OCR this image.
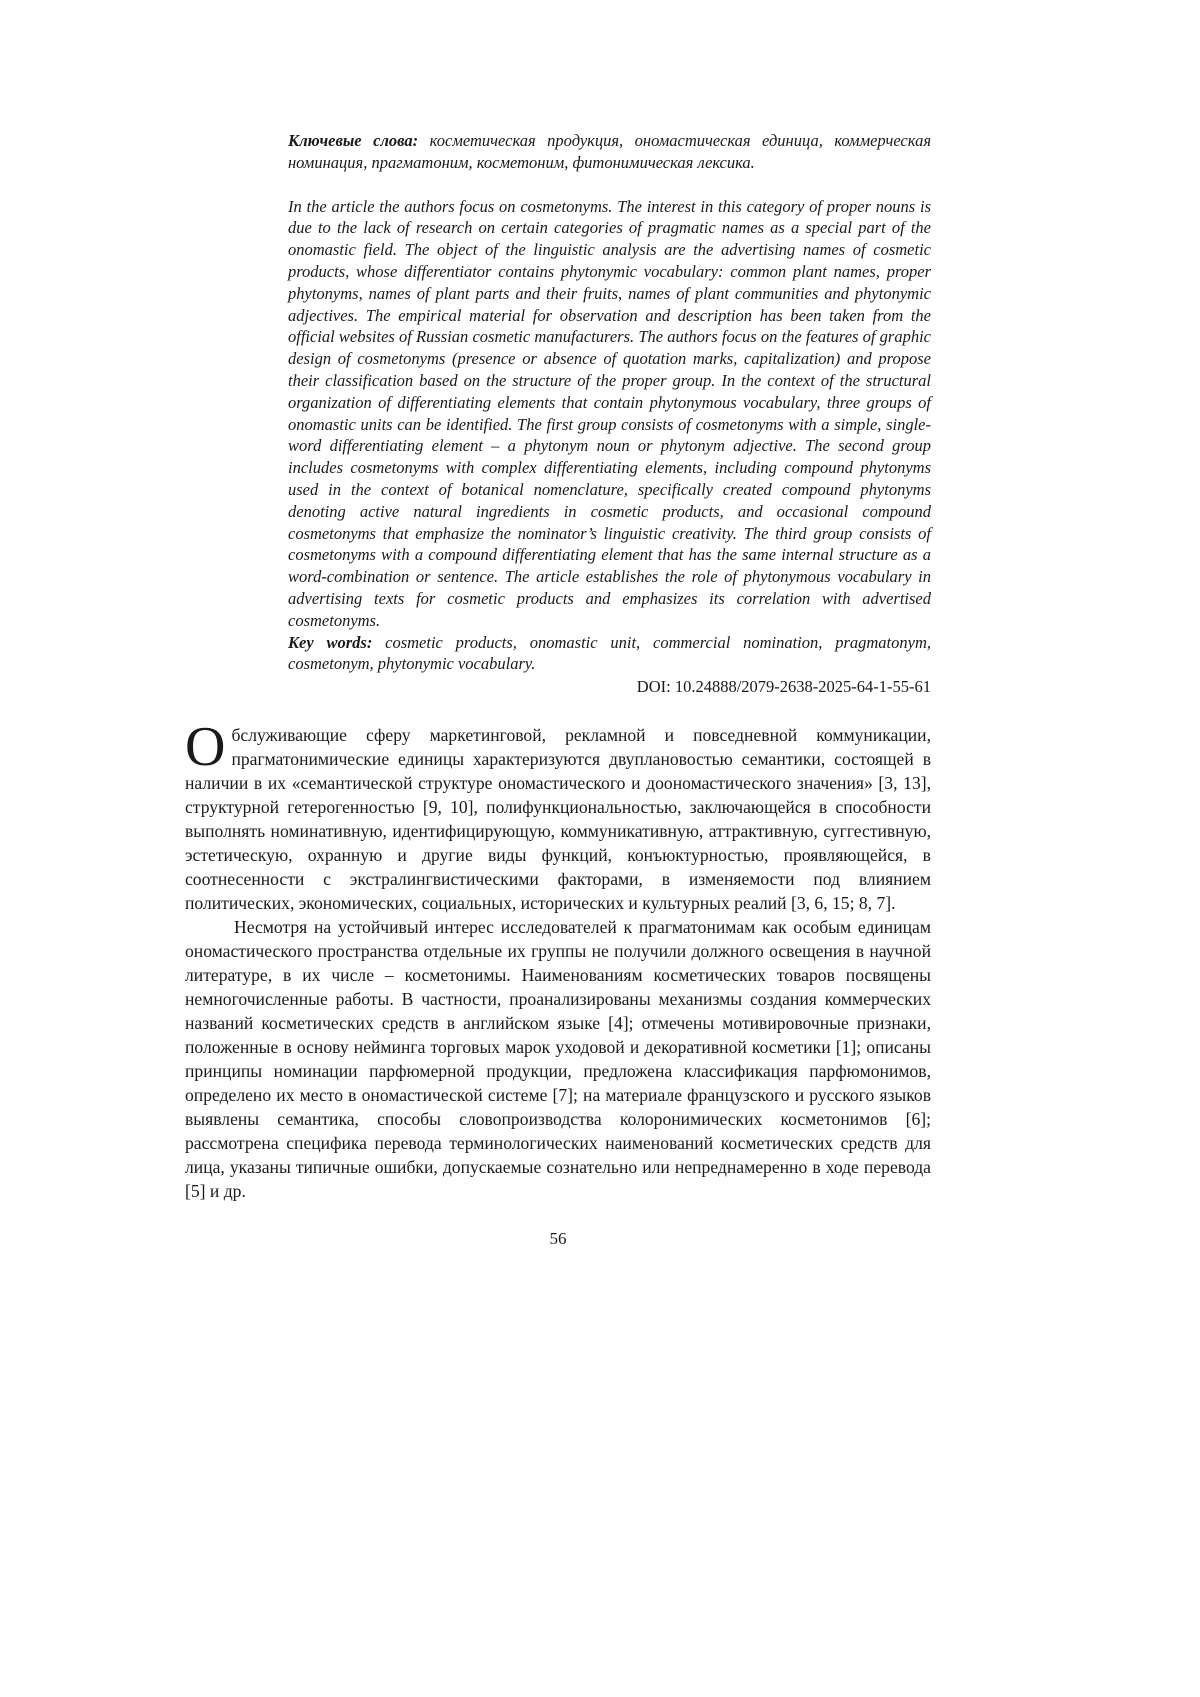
Ключевые слова: косметическая продукция, ономастическая единица, коммерческая номинация, прагматоним, косметоним, фитонимическая лексика.

In the article the authors focus on cosmetonyms. The interest in this category of proper nouns is due to the lack of research on certain categories of pragmatic names as a special part of the onomastic field. The object of the linguistic analysis are the advertising names of cosmetic products, whose differentiator contains phytonymic vocabulary: common plant names, proper phytonyms, names of plant parts and their fruits, names of plant communities and phytonymic adjectives. The empirical material for observation and description has been taken from the official websites of Russian cosmetic manufacturers. The authors focus on the features of graphic design of cosmetonyms (presence or absence of quotation marks, capitalization) and propose their classification based on the structure of the proper group. In the context of the structural organization of differentiating elements that contain phytonymous vocabulary, three groups of onomastic units can be identified. The first group consists of cosmetonyms with a simple, single-word differentiating element – a phytonym noun or phytonym adjective. The second group includes cosmetonyms with complex differentiating elements, including compound phytonyms used in the context of botanical nomenclature, specifically created compound phytonyms denoting active natural ingredients in cosmetic products, and occasional compound cosmetonyms that emphasize the nominator’s linguistic creativity. The third group consists of cosmetonyms with a compound differentiating element that has the same internal structure as a word-combination or sentence. The article establishes the role of phytonymous vocabulary in advertising texts for cosmetic products and emphasizes its correlation with advertised cosmetonyms.

Key words: cosmetic products, onomastic unit, commercial nomination, pragmatonym, cosmetonym, phytonymic vocabulary.

DOI: 10.24888/2079-2638-2025-64-1-55-61

Обслуживающие сферу маркетинговой, рекламной и повседневной коммуникации, прагматонимические единицы характеризуются двуплановостью семантики, состоящей в наличии в их «семантической структуре ономастического и доономастического значения» [3, 13], структурной гетерогенностью [9, 10], полифункциональностью, заключающейся в способности выполнять номинативную, идентифицирующую, коммуникативную, аттрактивную, суггестивную, эстетическую, охранную и другие виды функций, конъюктурностью, проявляющейся, в соотнесенности с экстралингвистическими факторами, в изменяемости под влиянием политических, экономических, социальных, исторических и культурных реалий [3, 6, 15; 8, 7].

Несмотря на устойчивый интерес исследователей к прагматонимам как особым единицам ономастического пространства отдельные их группы не получили должного освещения в научной литературе, в их числе – косметонимы. Наименованиям косметических товаров посвящены немногочисленные работы. В частности, проанализированы механизмы создания коммерческих названий косметических средств в английском языке [4]; отмечены мотивировочные признаки, положенные в основу нейминга торговых марок уходовой и декоративной косметики [1]; описаны принципы номинации парфюмерной продукции, предложена классификация парфюмонимов, определено их место в ономастической системе [7]; на материале французского и русского языков выявлены семантика, способы словопроизводства колоронимических косметонимов [6]; рассмотрена специфика перевода терминологических наименований косметических средств для лица, указаны типичные ошибки, допускаемые сознательно или непреднамеренно в ходе перевода [5] и др.

56
